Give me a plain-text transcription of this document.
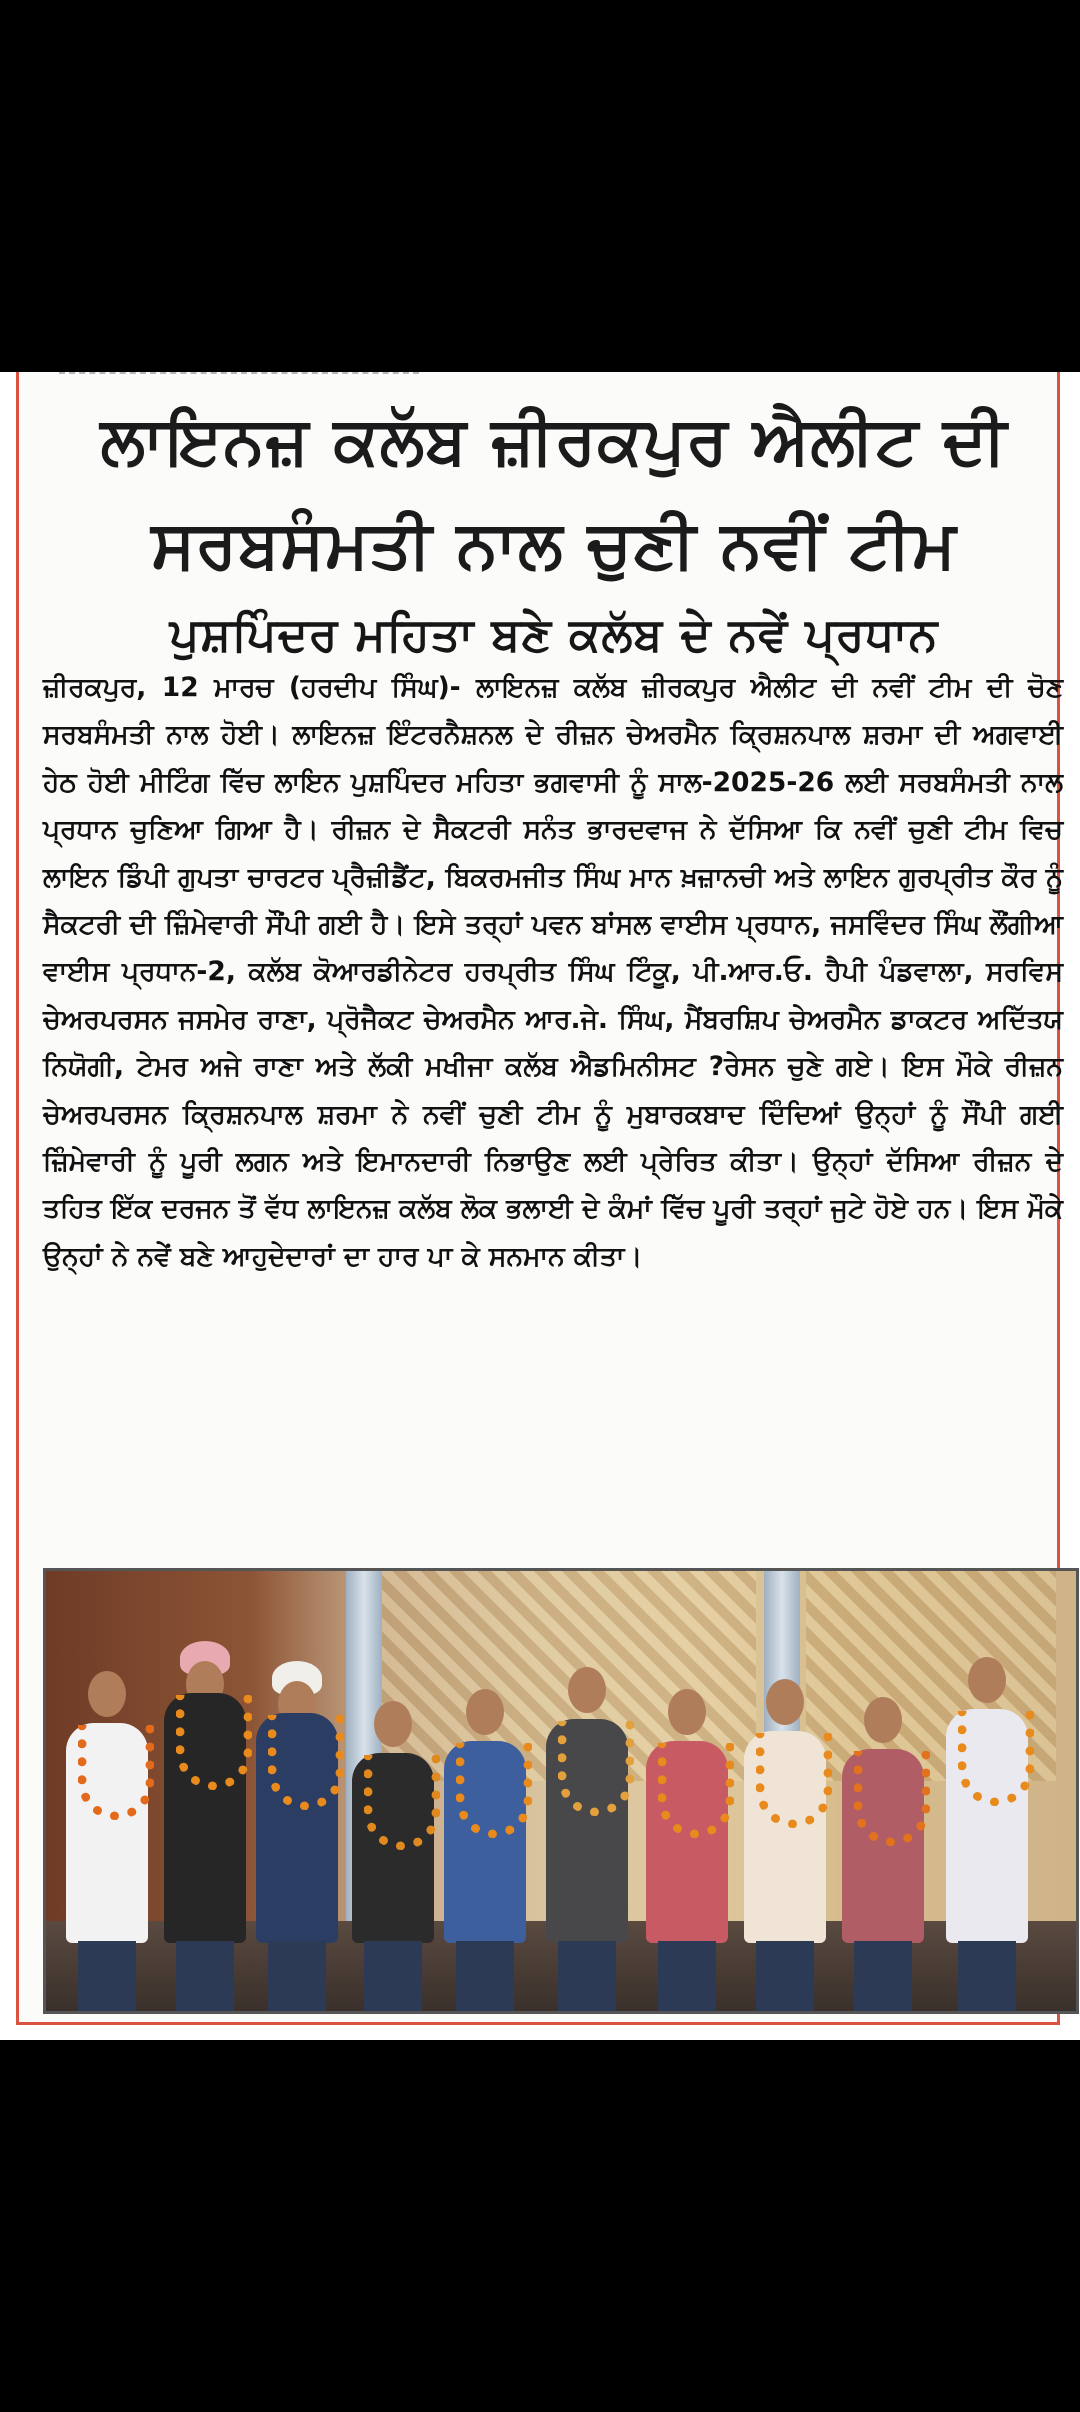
ਲਾਇਨਜ਼ ਕਲੱਬ ਜ਼ੀਰਕਪੁਰ ਐਲੀਟ ਦੀ
ਸਰਬਸੰਮਤੀ ਨਾਲ ਚੁਣੀ ਨਵੀਂ ਟੀਮ
ਪੁਸ਼ਪਿੰਦਰ ਮਹਿਤਾ ਬਣੇ ਕਲੱਬ ਦੇ ਨਵੇਂ ਪ੍ਰਧਾਨ
ਜ਼ੀਰਕਪੁਰ, 12 ਮਾਰਚ (ਹਰਦੀਪ ਸਿੰਘ)- ਲਾਇਨਜ਼ ਕਲੱਬ ਜ਼ੀਰਕਪੁਰ ਐਲੀਟ ਦੀ ਨਵੀਂ ਟੀਮ ਦੀ ਚੋਣ ਸਰਬਸੰਮਤੀ ਨਾਲ ਹੋਈ। ਲਾਇਨਜ਼ ਇੰਟਰਨੈਸ਼ਨਲ ਦੇ ਰੀਜ਼ਨ ਚੇਅਰਮੈਨ ਕ੍ਰਿਸ਼ਨਪਾਲ ਸ਼ਰਮਾ ਦੀ ਅਗਵਾਈ ਹੇਠ ਹੋਈ ਮੀਟਿੰਗ ਵਿੱਚ ਲਾਇਨ ਪੁਸ਼ਪਿੰਦਰ ਮਹਿਤਾ ਭਗਵਾਸੀ ਨੂੰ ਸਾਲ-2025-26 ਲਈ ਸਰਬਸੰਮਤੀ ਨਾਲ ਪ੍ਰਧਾਨ ਚੁਣਿਆ ਗਿਆ ਹੈ। ਰੀਜ਼ਨ ਦੇ ਸੈਕਟਰੀ ਸਨੰਤ ਭਾਰਦਵਾਜ ਨੇ ਦੱਸਿਆ ਕਿ ਨਵੀਂ ਚੁਣੀ ਟੀਮ ਵਿਚ ਲਾਇਨ ਡਿੰਪੀ ਗੁਪਤਾ ਚਾਰਟਰ ਪ੍ਰੈਜ਼ੀਡੈਂਟ, ਬਿਕਰਮਜੀਤ ਸਿੰਘ ਮਾਨ ਖ਼ਜ਼ਾਨਚੀ ਅਤੇ ਲਾਇਨ ਗੁਰਪ੍ਰੀਤ ਕੌਰ ਨੂੰ ਸੈਕਟਰੀ ਦੀ ਜ਼ਿੰਮੇਵਾਰੀ ਸੌਂਪੀ ਗਈ ਹੈ। ਇਸੇ ਤਰ੍ਹਾਂ ਪਵਨ ਬਾਂਸਲ ਵਾਈਸ ਪ੍ਰਧਾਨ, ਜਸਵਿੰਦਰ ਸਿੰਘ ਲੌਂਗੀਆ ਵਾਈਸ ਪ੍ਰਧਾਨ-2, ਕਲੱਬ ਕੋਆਰਡੀਨੇਟਰ ਹਰਪ੍ਰੀਤ ਸਿੰਘ ਟਿੰਕੂ, ਪੀ.ਆਰ.ਓ. ਹੈਪੀ ਪੰਡਵਾਲਾ, ਸਰਵਿਸ ਚੇਅਰਪਰਸਨ ਜਸਮੇਰ ਰਾਣਾ, ਪ੍ਰੋਜੈਕਟ ਚੇਅਰਮੈਨ ਆਰ.ਜੇ. ਸਿੰਘ, ਮੈਂਬਰਸ਼ਿਪ ਚੇਅਰਮੈਨ ਡਾਕਟਰ ਅਦਿੱਤਯ ਨਿਯੋਗੀ, ਟੇਮਰ ਅਜੇ ਰਾਣਾ ਅਤੇ ਲੱਕੀ ਮਖੀਜਾ ਕਲੱਬ ਐਡਮਿਨੀਸਟ ?ਰੇਸਨ ਚੁਣੇ ਗਏ। ਇਸ ਮੌਕੇ ਰੀਜ਼ਨ ਚੇਅਰਪਰਸਨ ਕ੍ਰਿਸ਼ਨਪਾਲ ਸ਼ਰਮਾ ਨੇ ਨਵੀਂ ਚੁਣੀ ਟੀਮ ਨੂੰ ਮੁਬਾਰਕਬਾਦ ਦਿੰਦਿਆਂ ਉਨ੍ਹਾਂ ਨੂੰ ਸੌਂਪੀ ਗਈ ਜ਼ਿੰਮੇਵਾਰੀ ਨੂੰ ਪੂਰੀ ਲਗਨ ਅਤੇ ਇਮਾਨਦਾਰੀ ਨਿਭਾਉਣ ਲਈ ਪ੍ਰੇਰਿਤ ਕੀਤਾ। ਉਨ੍ਹਾਂ ਦੱਸਿਆ ਰੀਜ਼ਨ ਦੇ ਤਹਿਤ ਇੱਕ ਦਰਜਨ ਤੋਂ ਵੱਧ ਲਾਇਨਜ਼ ਕਲੱਬ ਲੋਕ ਭਲਾਈ ਦੇ ਕੰਮਾਂ ਵਿੱਚ ਪੂਰੀ ਤਰ੍ਹਾਂ ਜੁਟੇ ਹੋਏ ਹਨ। ਇਸ ਮੌਕੇ ਉਨ੍ਹਾਂ ਨੇ ਨਵੇਂ ਬਣੇ ਆਹੁਦੇਦਾਰਾਂ ਦਾ ਹਾਰ ਪਾ ਕੇ ਸਨਮਾਨ ਕੀਤਾ।
